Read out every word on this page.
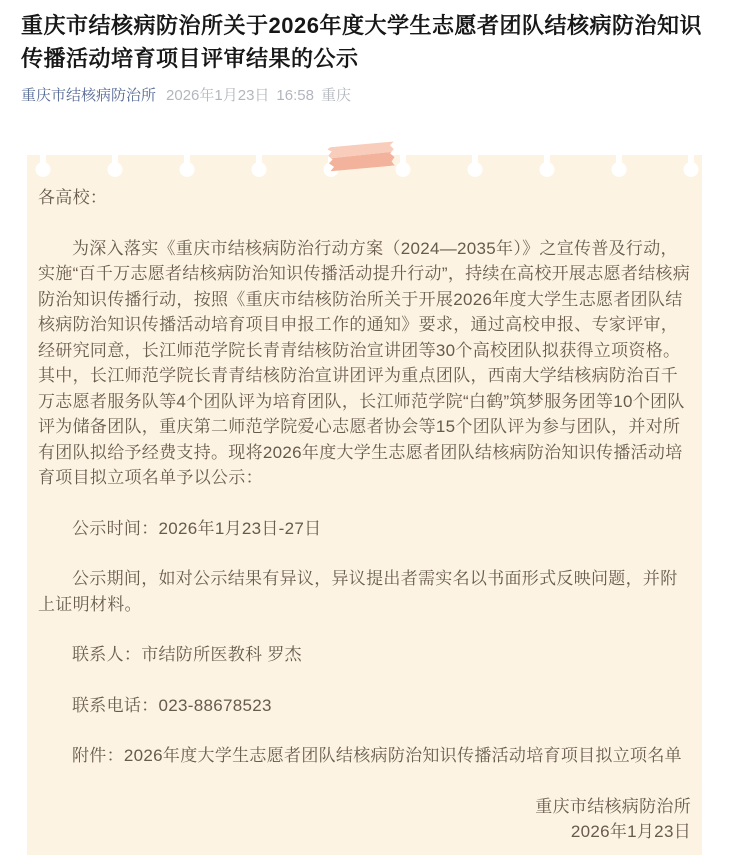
重庆市结核病防治所关于2026年度大学生志愿者团队结核病防治知识传播活动培育项目评审结果的公示
重庆市结核病防治所 2026年1月23日 16:58 重庆

各高校：

为深入落实《重庆市结核病防治行动方案（2024—2035年）》之宣传普及行动，实施“百千万志愿者结核病防治知识传播活动提升行动”，持续在高校开展志愿者结核病防治知识传播行动，按照《重庆市结核防治所关于开展2026年度大学生志愿者团队结核病防治知识传播活动培育项目申报工作的通知》要求，通过高校申报、专家评审，经研究同意，长江师范学院长青青结核防治宣讲团等30个高校团队拟获得立项资格。其中，长江师范学院长青青结核防治宣讲团评为重点团队，西南大学结核病防治百千万志愿者服务队等4个团队评为培育团队，长江师范学院“白鹤”筑梦服务团等10个团队评为储备团队，重庆第二师范学院爱心志愿者协会等15个团队评为参与团队，并对所有团队拟给予经费支持。现将2026年度大学生志愿者团队结核病防治知识传播活动培育项目拟立项名单予以公示：

公示时间：2026年1月23日-27日

公示期间，如对公示结果有异议，异议提出者需实名以书面形式反映问题，并附上证明材料。

联系人：市结防所医教科 罗杰

联系电话：023-88678523

附件：2026年度大学生志愿者团队结核病防治知识传播活动培育项目拟立项名单

重庆市结核病防治所

2026年1月23日
